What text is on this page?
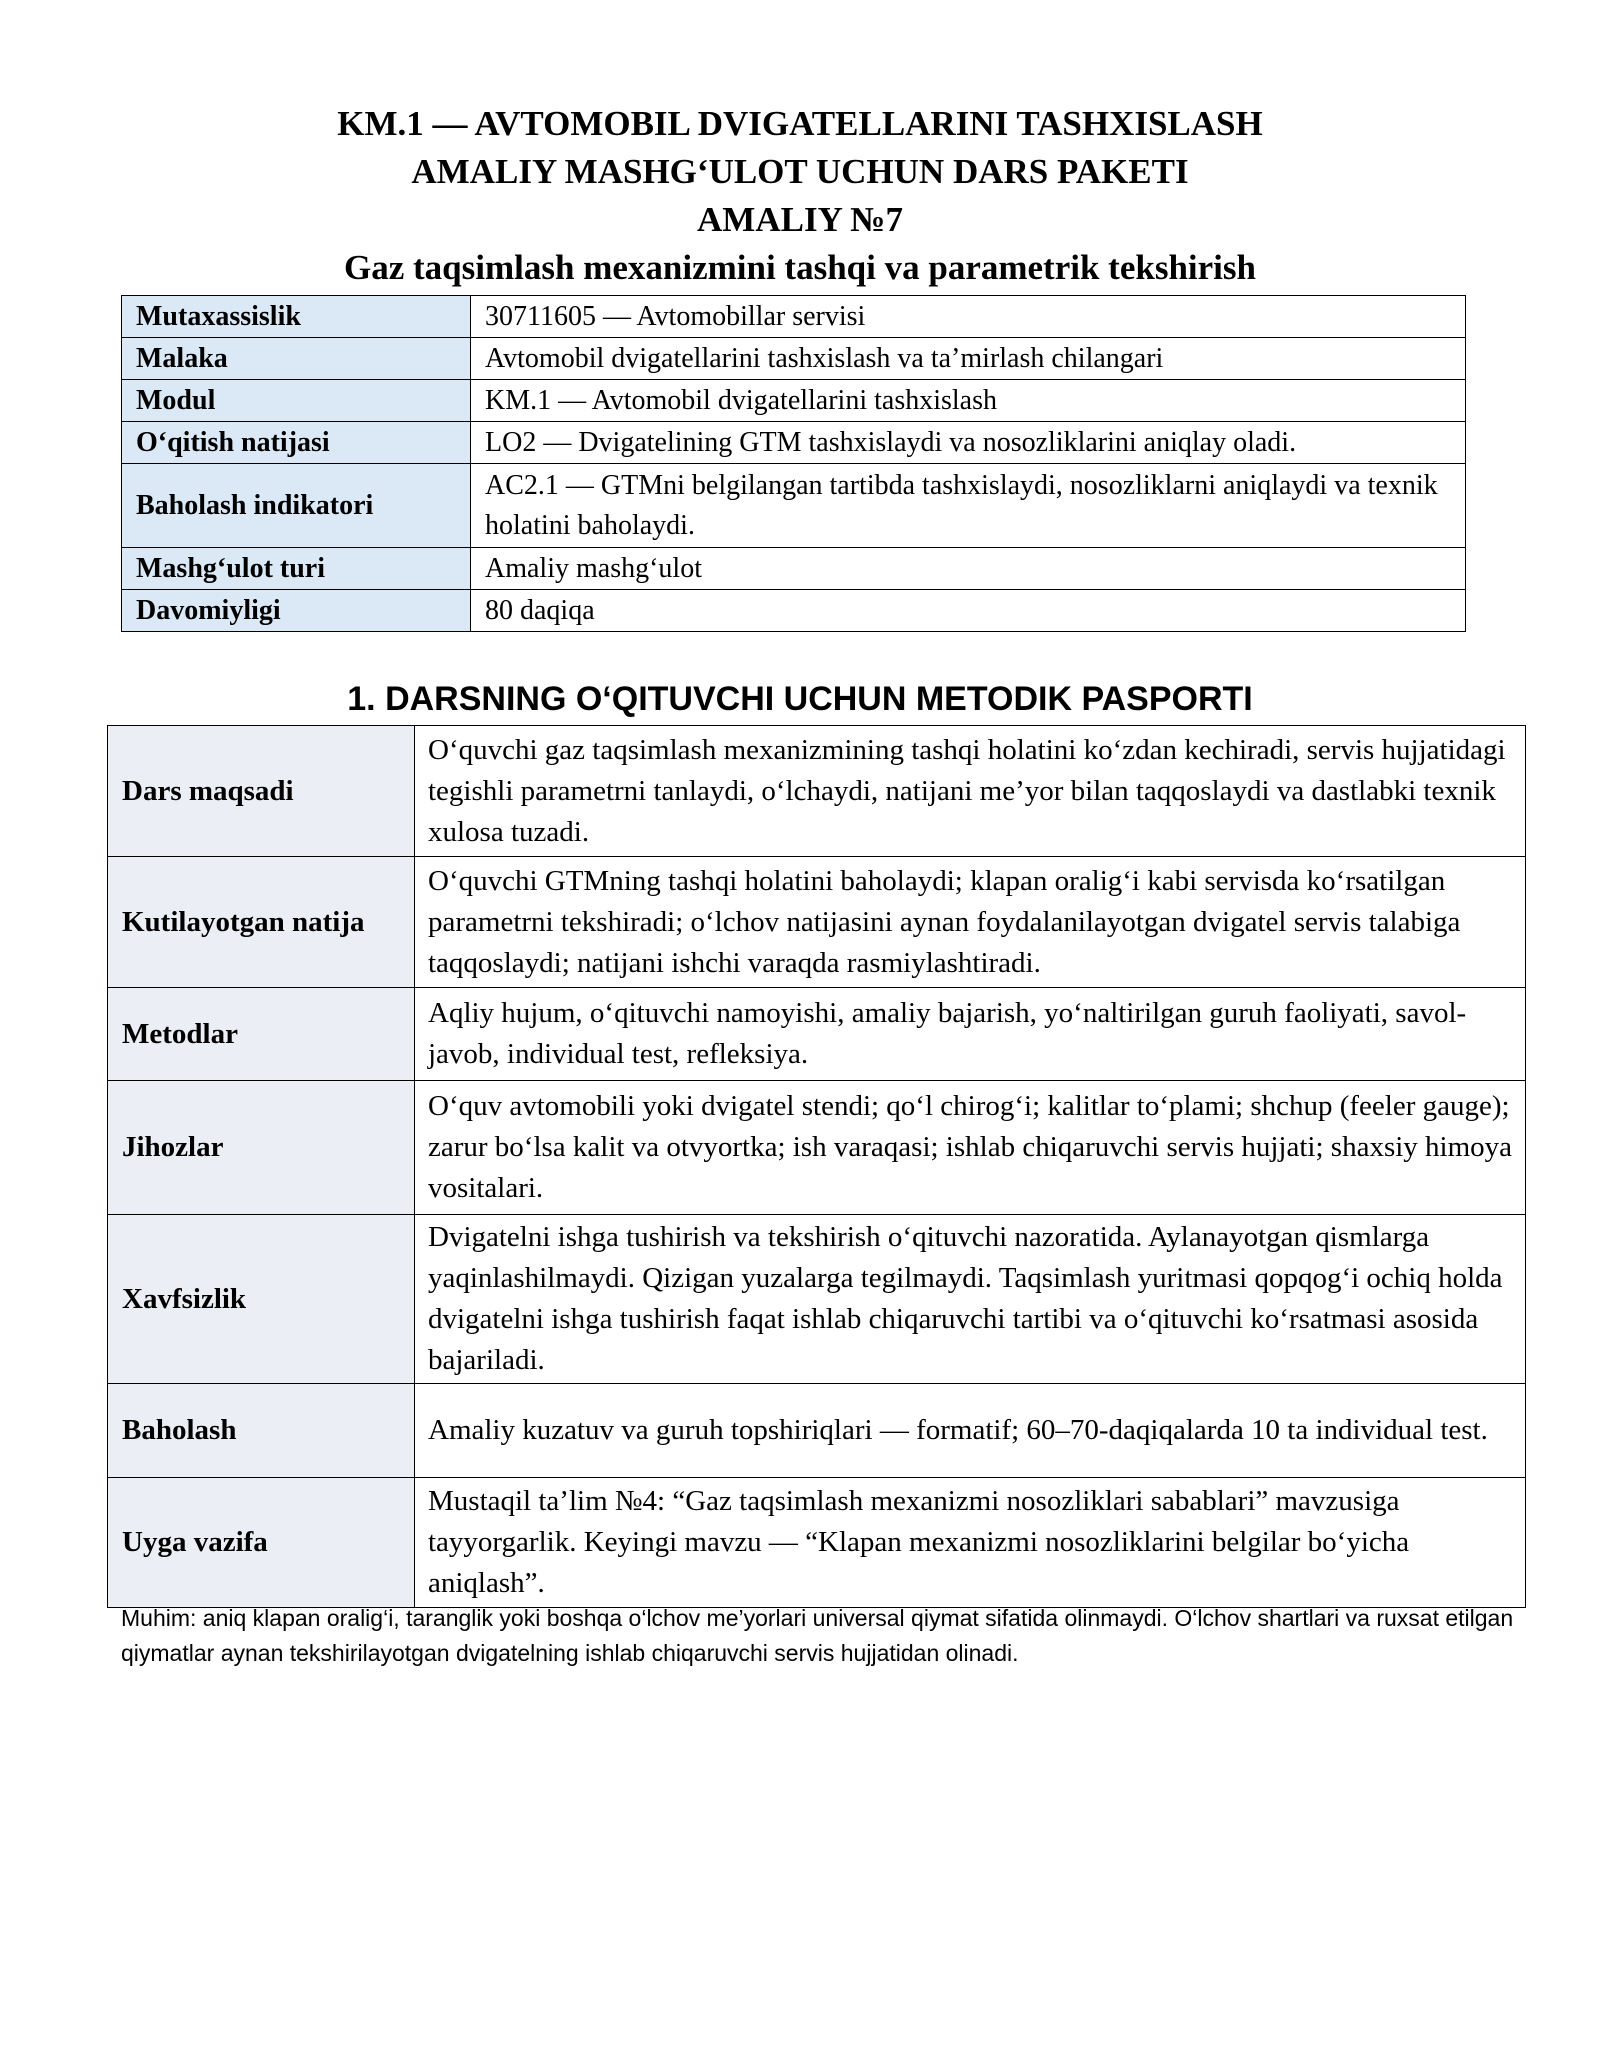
KM.1 — AVTOMOBIL DVIGATELLARINI TASHXISLASH
AMALIY MASHG‘ULOT UCHUN DARS PAKETI
AMALIY №7
Gaz taqsimlash mexanizmini tashqi va parametrik tekshirish
Mutaxassislik	30711605 — Avtomobillar servisi
Malaka	Avtomobil dvigatellarini tashxislash va ta’mirlash chilangari
Modul	KM.1 — Avtomobil dvigatellarini tashxislash
O‘qitish natijasi	LO2 — Dvigatelining GTM tashxislaydi va nosozliklarini aniqlay oladi.
Baholash indikatori	AC2.1 — GTMni belgilangan tartibda tashxislaydi, nosozliklarni aniqlaydi va texnik holatini baholaydi.
Mashg‘ulot turi	Amaliy mashg‘ulot
Davomiyligi	80 daqiqa
1. DARSNING O‘QITUVCHI UCHUN METODIK PASPORTI
Dars maqsadi	O‘quvchi gaz taqsimlash mexanizmining tashqi holatini ko‘zdan kechiradi, servis hujjatidagi tegishli parametrni tanlaydi, o‘lchaydi, natijani me’yor bilan taqqoslaydi va dastlabki texnik xulosa tuzadi.
Kutilayotgan natija	O‘quvchi GTMning tashqi holatini baholaydi; klapan oralig‘i kabi servisda ko‘rsatilgan parametrni tekshiradi; o‘lchov natijasini aynan foydalanilayotgan dvigatel servis talabiga taqqoslaydi; natijani ishchi varaqda rasmiylashtiradi.
Metodlar	Aqliy hujum, o‘qituvchi namoyishi, amaliy bajarish, yo‘naltirilgan guruh faoliyati, savol-javob, individual test, refleksiya.
Jihozlar	O‘quv avtomobili yoki dvigatel stendi; qo‘l chirog‘i; kalitlar to‘plami; shchup (feeler gauge); zarur bo‘lsa kalit va otvyortka; ish varaqasi; ishlab chiqaruvchi servis hujjati; shaxsiy himoya vositalari.
Xavfsizlik	Dvigatelni ishga tushirish va tekshirish o‘qituvchi nazoratida. Aylanayotgan qismlarga yaqinlashilmaydi. Qizigan yuzalarga tegilmaydi. Taqsimlash yuritmasi qopqog‘i ochiq holda dvigatelni ishga tushirish faqat ishlab chiqaruvchi tartibi va o‘qituvchi ko‘rsatmasi asosida bajariladi.
Baholash	Amaliy kuzatuv va guruh topshiriqlari — formatif; 60–70-daqiqalarda 10 ta individual test.
Uyga vazifa	Mustaqil ta’lim №4: “Gaz taqsimlash mexanizmi nosozliklari sabablari” mavzusiga tayyorgarlik. Keyingi mavzu — “Klapan mexanizmi nosozliklarini belgilar bo‘yicha aniqlash”.
Muhim: aniq klapan oralig‘i, taranglik yoki boshqa o‘lchov me’yorlari universal qiymat sifatida olinmaydi. O‘lchov shartlari va ruxsat etilgan qiymatlar aynan tekshirilayotgan dvigatelning ishlab chiqaruvchi servis hujjatidan olinadi.
